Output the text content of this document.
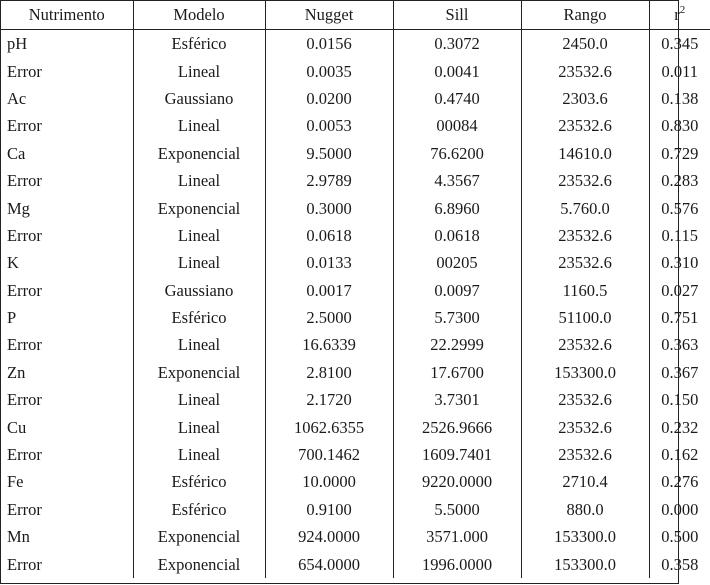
Nutrimento	Modelo	Nugget	Sill	Rango	$r^2$
pH	Esférico	0.0156	0.3072	2450.0	0.345
Error	Lineal	0.0035	0.0041	23532.6	0.011
Ac	Gaussiano	0.0200	0.4740	2303.6	0.138
Error	Lineal	0.0053	00084	23532.6	0.830
Ca	Exponencial	9.5000	76.6200	14610.0	0.729
Error	Lineal	2.9789	4.3567	23532.6	0.283
Mg	Exponencial	0.3000	6.8960	5.760.0	0.576
Error	Lineal	0.0618	0.0618	23532.6	0.115
K	Lineal	0.0133	00205	23532.6	0.310
Error	Gaussiano	0.0017	0.0097	1160.5	0.027
P	Esférico	2.5000	5.7300	51100.0	0.751
Error	Lineal	16.6339	22.2999	23532.6	0.363
Zn	Exponencial	2.8100	17.6700	153300.0	0.367
Error	Lineal	2.1720	3.7301	23532.6	0.150
Cu	Lineal	1062.6355	2526.9666	23532.6	0.232
Error	Lineal	700.1462	1609.7401	23532.6	0.162
Fe	Esférico	10.0000	9220.0000	2710.4	0.276
Error	Esférico	0.9100	5.5000	880.0	0.000
Mn	Exponencial	924.0000	3571.000	153300.0	0.500
Error	Exponencial	654.0000	1996.0000	153300.0	0.358
